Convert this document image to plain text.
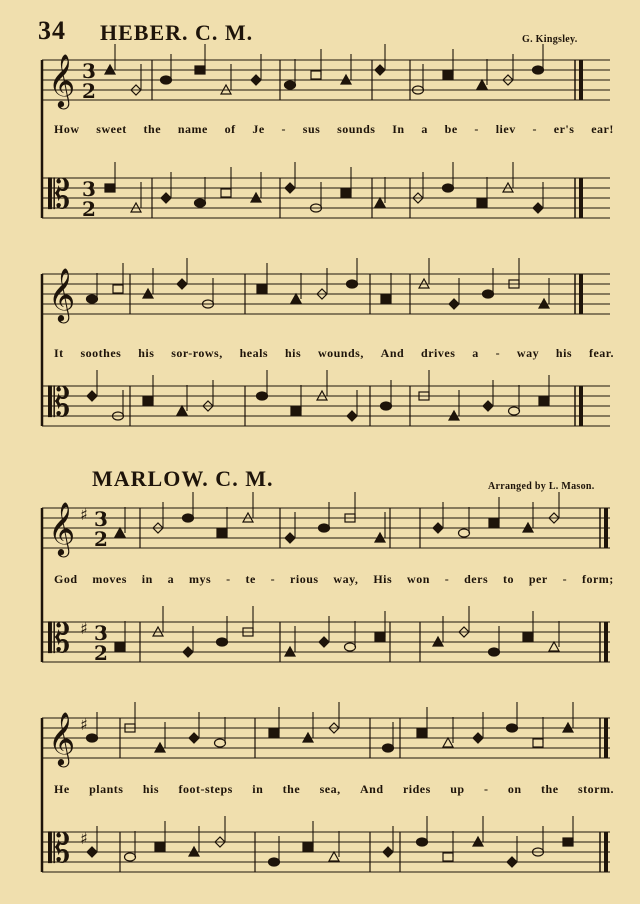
34 HEBER. C. M.	G. Kingsley.
MARLOW. C. M.	Arranged by L. Mason.
𝄞 3
2
𝄡 3
2
𝄞
𝄡
𝄞 ♯ 3
2
𝄡 ♯ 3
2
𝄞 ♯
𝄡 ♯
How sweet the name of Je - sus sounds In a be - liev - er's ear!
It soothes his sor-rows, heals his wounds, And drives a - way his fear.
God moves in a mys - te - rious way, His won - ders to per - form;
He plants his foot-steps in the sea, And rides up - on the storm.
